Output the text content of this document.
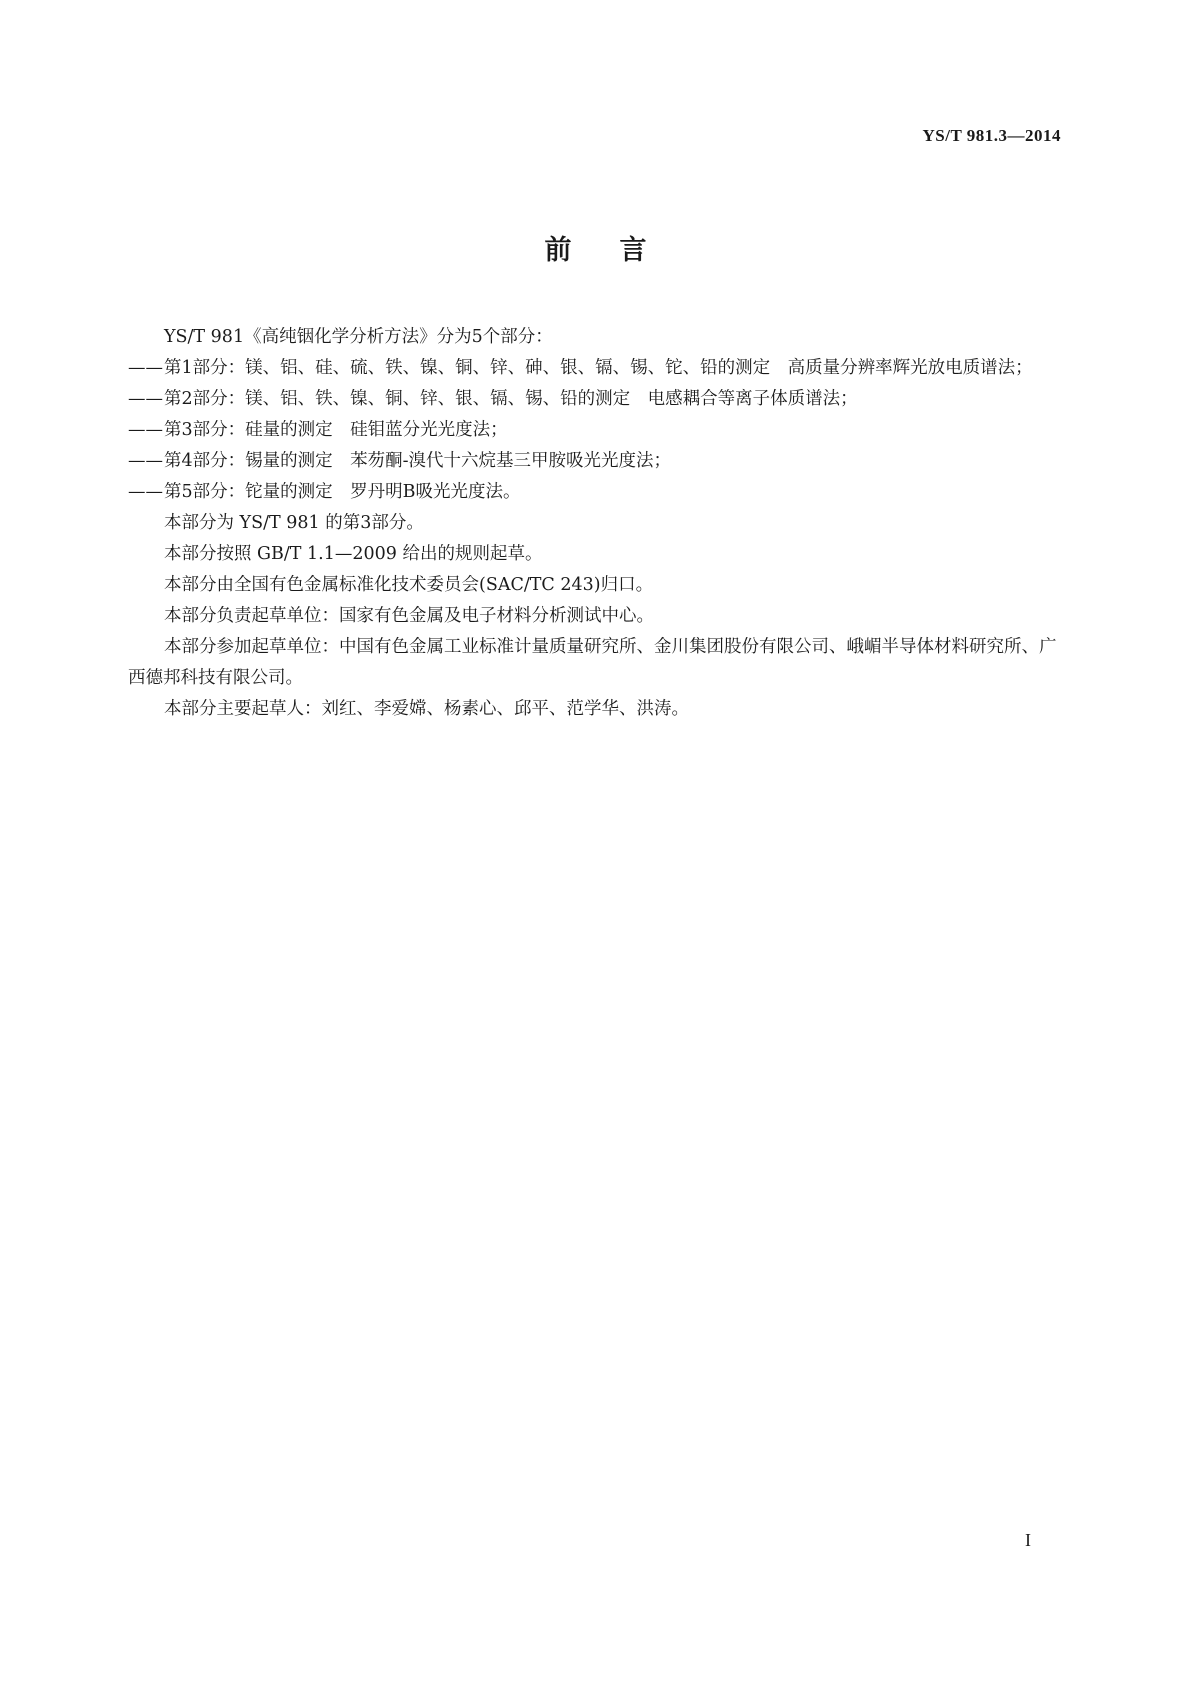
YS/T 981.3—2014
前言

YS/T 981《高纯铟化学分析方法》分为5个部分：

——第1部分：镁、铝、硅、硫、铁、镍、铜、锌、砷、银、镉、锡、铊、铅的测定　高质量分辨率辉光放电质谱法；

——第2部分：镁、铝、铁、镍、铜、锌、银、镉、锡、铅的测定　电感耦合等离子体质谱法；

——第3部分：硅量的测定　硅钼蓝分光光度法；

——第4部分：锡量的测定　苯芴酮-溴代十六烷基三甲胺吸光光度法；

——第5部分：铊量的测定　罗丹明B吸光光度法。

本部分为 YS/T 981 的第3部分。

本部分按照 GB/T 1.1—2009 给出的规则起草。

本部分由全国有色金属标准化技术委员会(SAC/TC 243)归口。

本部分负责起草单位：国家有色金属及电子材料分析测试中心。

本部分参加起草单位：中国有色金属工业标准计量质量研究所、金川集团股份有限公司、峨嵋半导体材料研究所、广西德邦科技有限公司。

本部分主要起草人：刘红、李爱嫦、杨素心、邱平、范学华、洪涛。

I
